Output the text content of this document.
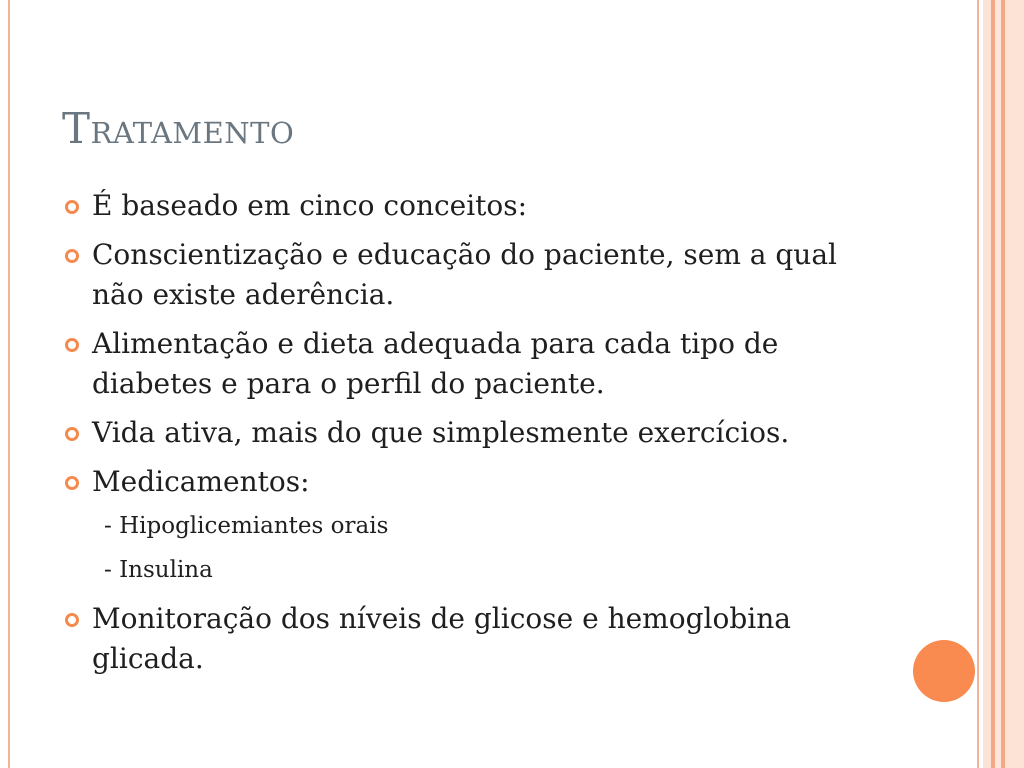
Tratamento
É baseado em cinco conceitos:
Conscientização e educação do paciente, sem a qual não existe aderência.
Alimentação e dieta adequada para cada tipo de diabetes e para o perfil do paciente.
Vida ativa, mais do que simplesmente exercícios.
Medicamentos:
- Hipoglicemiantes orais
- Insulina
Monitoração dos níveis de glicose e hemoglobina glicada.
